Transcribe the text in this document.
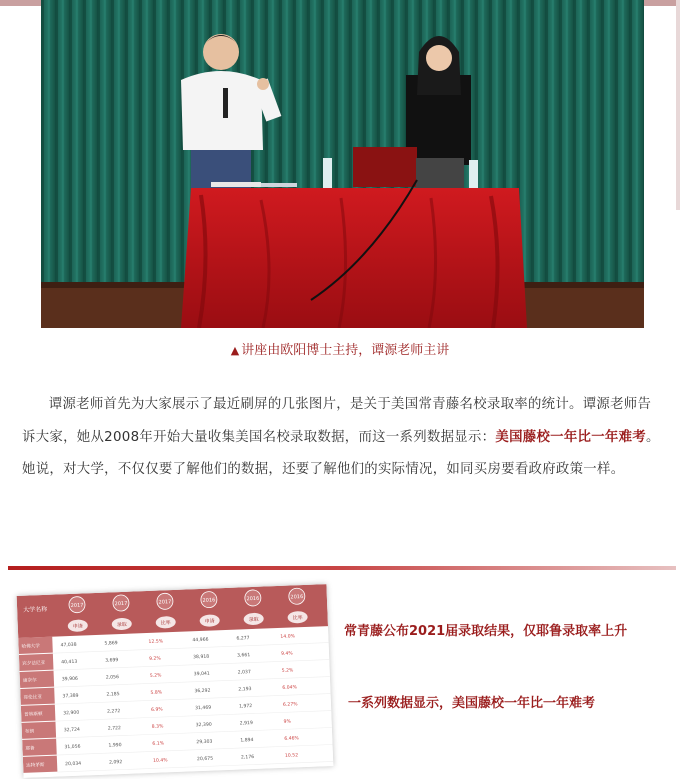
▲ 讲座由欧阳博士主持，谭源老师主讲

谭源老师首先为大家展示了最近刷屏的几张图片，是关于美国常青藤名校录取率的统计。谭源老师告诉大家，她从2008年开始大量收集美国名校录取数据，而这一系列数据显示：美国藤校一年比一年难考。她说，对大学，不仅仅要了解他们的数据，还要了解他们的实际情况，如同买房要看政府政策一样。

大学名称
2017	2017	2017	2016	2016	2016
申请	录取	比率	申请	录取	比率
哈佛大学	47,038	5,869	12.5%	44,966	6,277	14.0%
宾夕法尼亚	40,413	3,699	9.2%	38,918	3,661	9.4%
康奈尔	39,906	2,056	5.2%	39,041	2,037	5.2%
哥伦比亚	37,389	2,185	5.8%	36,292	2,193	6.04%
普林斯顿	32,900	2,272	6.9%	31,469	1,972	6.27%
布朗	32,724	2,722	8.3%	32,390	2,919	9%
耶鲁	31,056	1,990	6.1%	29,303	1,894	6.46%
达特茅斯	20,034	2,092	10.4%	20,675	2,176	10.52
常青藤公布2021届录取结果，仅耶鲁录取率上升
一系列数据显示，美国藤校一年比一年难考
